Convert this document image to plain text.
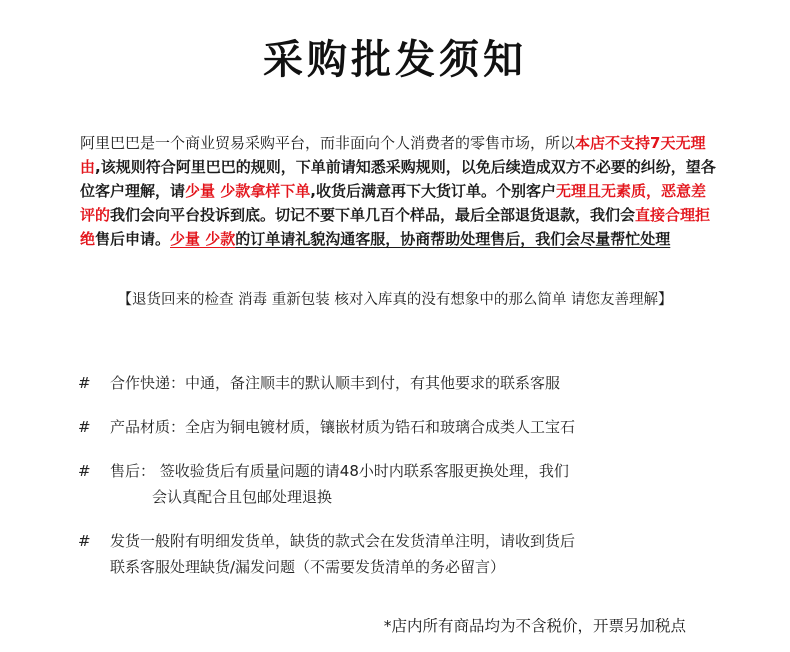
采购批发须知
阿里巴巴是一个商业贸易采购平台，而非面向个人消费者的零售市场，所以本店不支持7天无理由,该规则符合阿里巴巴的规则，下单前请知悉采购规则，以免后续造成双方不必要的纠纷，望各位客户理解，请少量 少款拿样下单,收货后满意再下大货订单。个别客户无理且无素质，恶意差评的我们会向平台投诉到底。切记不要下单几百个样品，最后全部退货退款，我们会直接合理拒绝售后申请。少量 少款的订单请礼貌沟通客服，协商帮助处理售后，我们会尽量帮忙处理
【退货回来的检查 消毒 重新包装 核对入库真的没有想象中的那么简单 请您友善理解】
#	合作快递：中通，备注顺丰的默认顺丰到付，有其他要求的联系客服
#	产品材质：全店为铜电镀材质，镶嵌材质为锆石和玻璃合成类人工宝石
#	售后： 签收验货后有质量问题的请48小时内联系客服更换处理，我们
会认真配合且包邮处理退换
#	发货一般附有明细发货单，缺货的款式会在发货清单注明，请收到货后
联系客服处理缺货/漏发问题（不需要发货清单的务必留言）
*店内所有商品均为不含税价，开票另加税点
